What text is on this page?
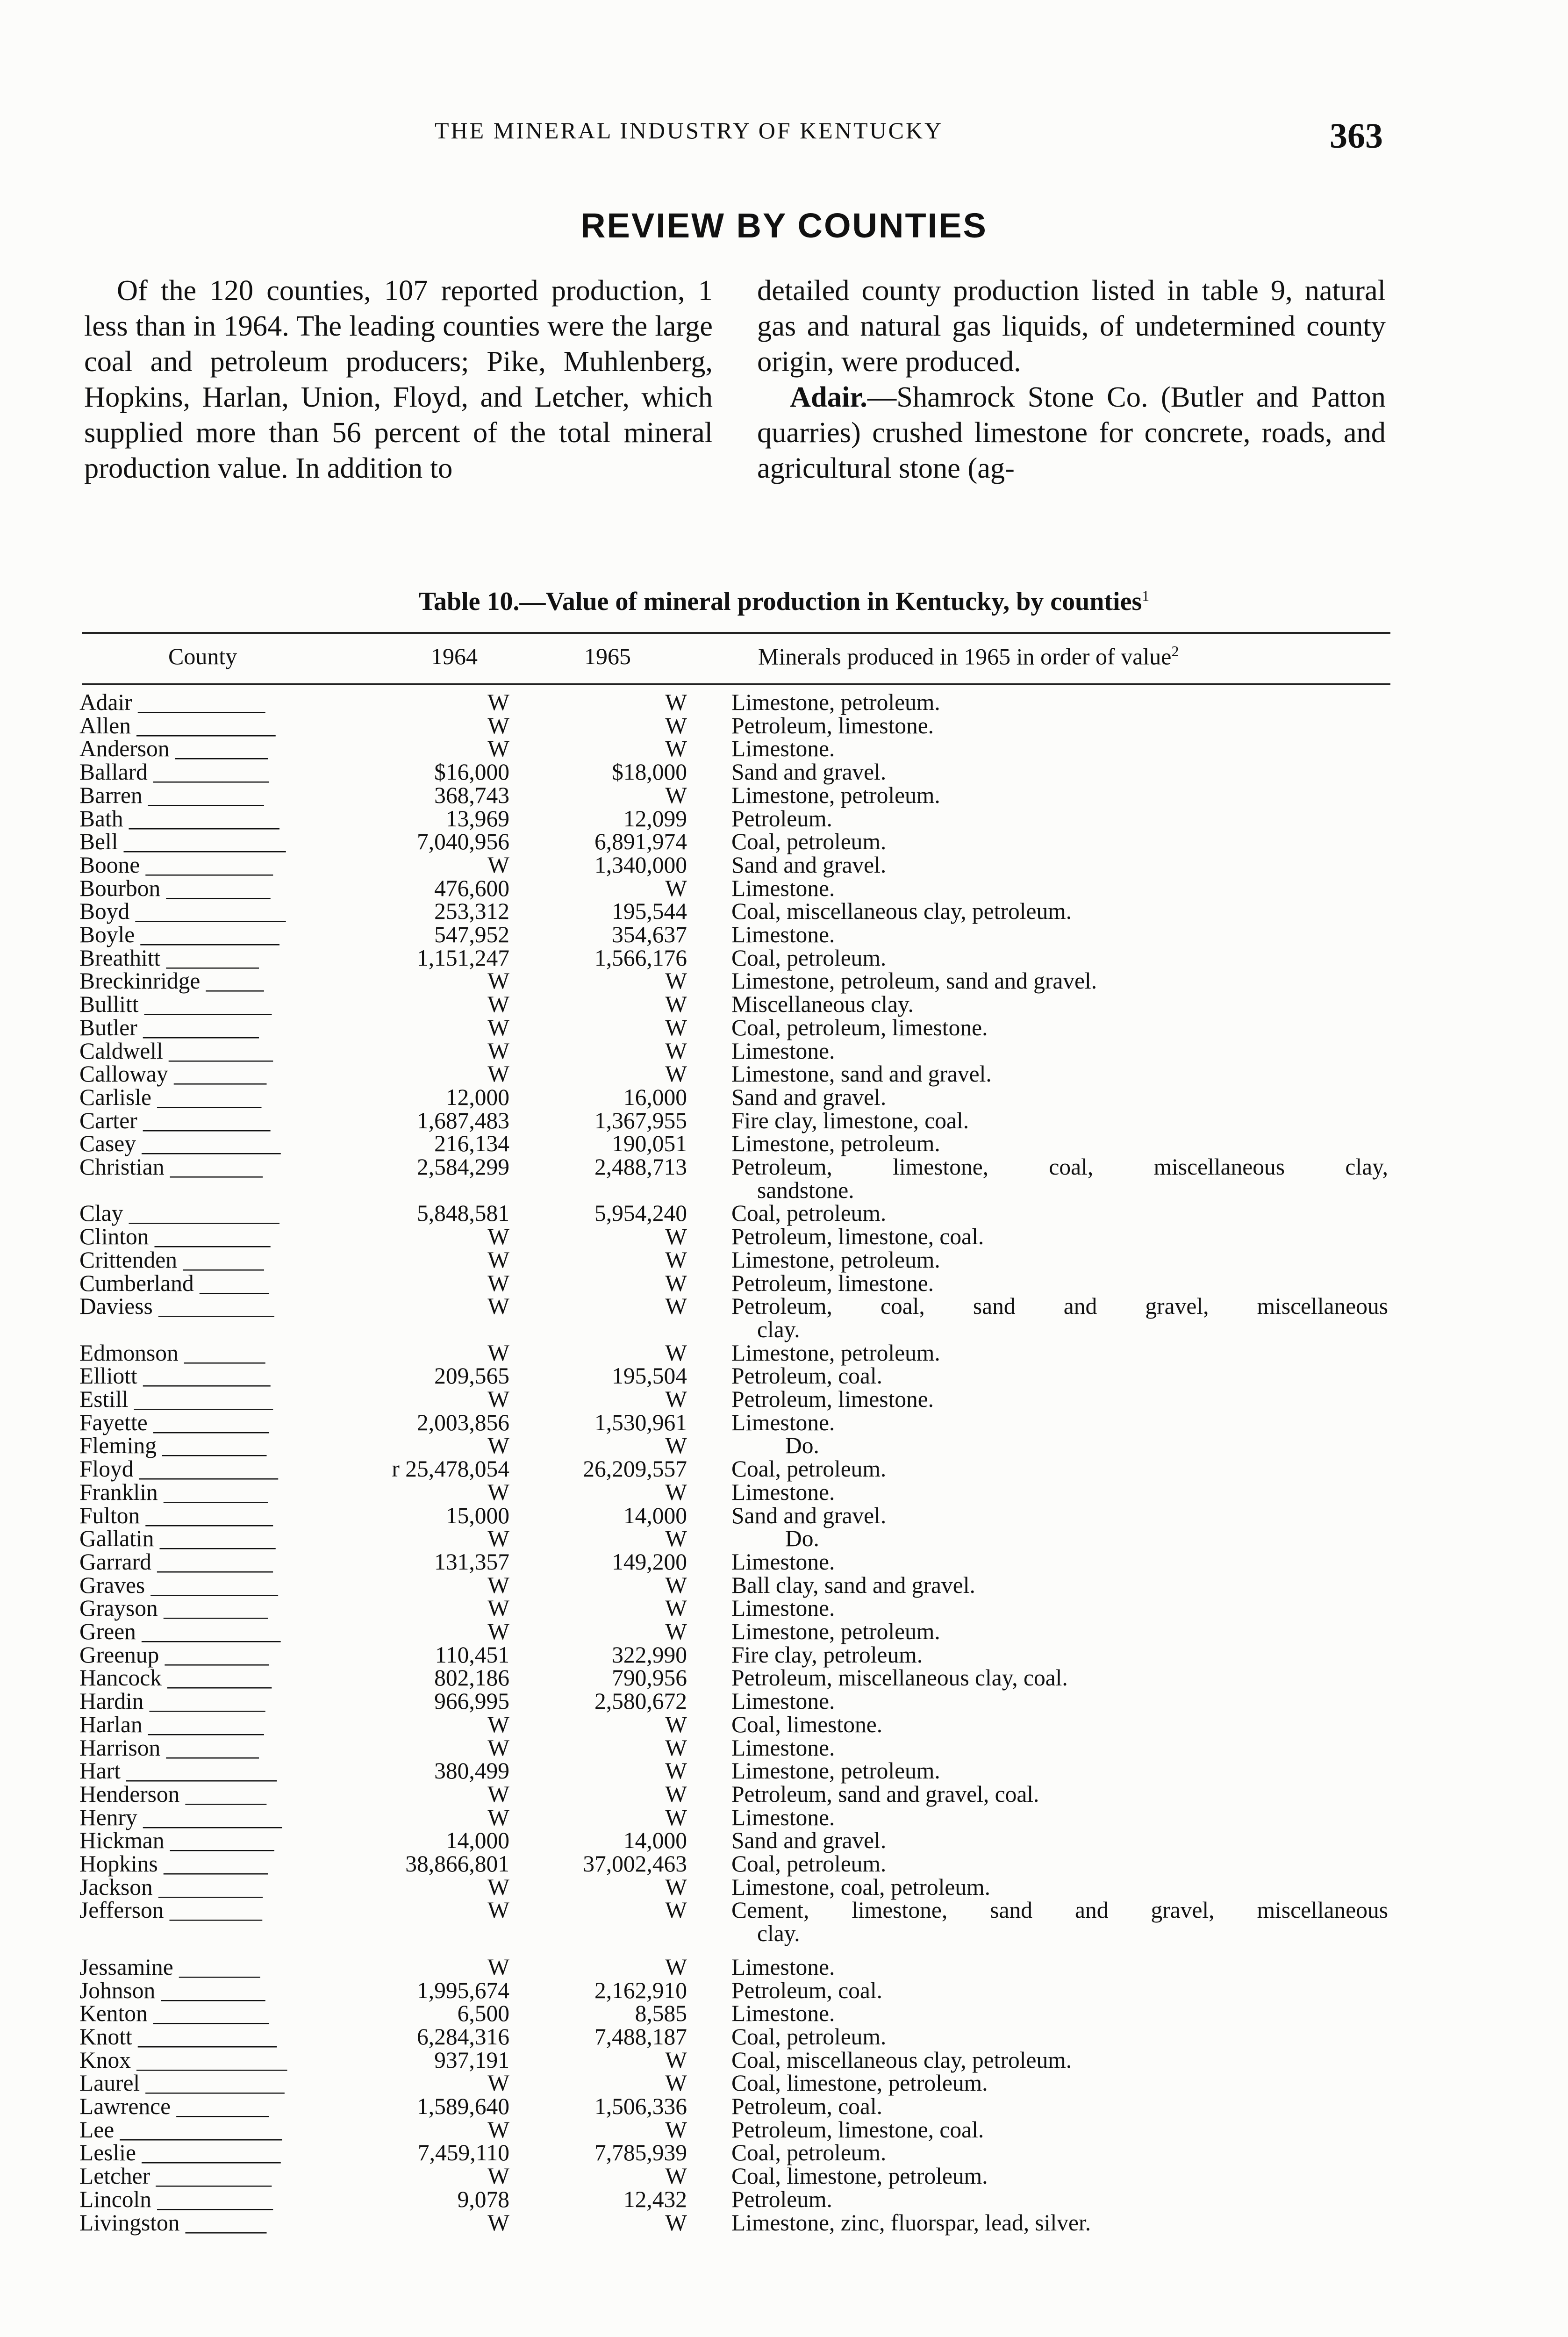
THE MINERAL INDUSTRY OF KENTUCKY	363
REVIEW BY COUNTIES

Of the 120 counties, 107 reported production, 1 less than in 1964. The leading counties were the large coal and petroleum producers; Pike, Muhlenberg, Hopkins, Harlan, Union, Floyd, and Letcher, which supplied more than 56 percent of the total mineral production value. In addition to

detailed county production listed in table 9, natural gas and natural gas liquids, of undetermined county origin, were produced.

Adair.—Shamrock Stone Co. (Butler and Patton quarries) crushed limestone for concrete, roads, and agricultural stone (ag-

Table 10.—Value of mineral production in Kentucky, by counties$^1$
County	1964	1965	Minerals produced in 1965 in order of value$^2$
Adair ___________	W	W Limestone, petroleum.
Allen ____________	W	W Petroleum, limestone.
Anderson ________	W	W Limestone.
Ballard __________	$16,000	$18,000 Sand and gravel.
Barren __________	368,743	W Limestone, petroleum.
Bath _____________	13,969	12,099 Petroleum.
Bell ______________	7,040,956	6,891,974 Coal, petroleum.
Boone ___________	W	1,340,000 Sand and gravel.
Bourbon _________	476,600	W Limestone.
Boyd _____________	253,312	195,544 Coal, miscellaneous clay, petroleum.
Boyle ____________	547,952	354,637 Limestone.
Breathitt ________	1,151,247	1,566,176 Coal, petroleum.
Breckinridge _____	W	W Limestone, petroleum, sand and gravel.
Bullitt ___________	W	W Miscellaneous clay.
Butler __________	W	W Coal, petroleum, limestone.
Caldwell _________	W	W Limestone.
Calloway ________	W	W Limestone, sand and gravel.
Carlisle _________	12,000	16,000 Sand and gravel.
Carter ___________	1,687,483	1,367,955 Fire clay, limestone, coal.
Casey ____________	216,134	190,051 Limestone, petroleum.
Christian ________	2,584,299	2,488,713 Petroleum, limestone, coal, miscellaneous clay,
sandstone.
Clay _____________	5,848,581	5,954,240 Coal, petroleum.
Clinton __________	W	W Petroleum, limestone, coal.
Crittenden _______	W	W Limestone, petroleum.
Cumberland ______	W	W Petroleum, limestone.
Daviess __________	W	W Petroleum, coal, sand and gravel, miscellaneous
clay.
Edmonson _______	W	W Limestone, petroleum.
Elliott ___________	209,565	195,504 Petroleum, coal.
Estill ____________	W	W Petroleum, limestone.
Fayette __________	2,003,856	1,530,961 Limestone.
Fleming _________	W	W	Do.
Floyd ____________	r 25,478,054	26,209,557 Coal, petroleum.
Franklin _________	W	W Limestone.
Fulton ___________	15,000	14,000 Sand and gravel.
Gallatin __________	W	W	Do.
Garrard __________	131,357	149,200 Limestone.
Graves ___________	W	W Ball clay, sand and gravel.
Grayson _________	W	W Limestone.
Green ____________	W	W Limestone, petroleum.
Greenup _________	110,451	322,990 Fire clay, petroleum.
Hancock _________	802,186	790,956 Petroleum, miscellaneous clay, coal.
Hardin __________	966,995	2,580,672 Limestone.
Harlan __________	W	W Coal, limestone.
Harrison ________	W	W Limestone.
Hart _____________	380,499	W Limestone, petroleum.
Henderson _______	W	W Petroleum, sand and gravel, coal.
Henry ____________	W	W Limestone.
Hickman _________	14,000	14,000 Sand and gravel.
Hopkins _________	38,866,801	37,002,463 Coal, petroleum.
Jackson _________	W	W Limestone, coal, petroleum.
Jefferson ________	W	W Cement, limestone, sand and gravel, miscellaneous
clay.
Jessamine _______	W	W Limestone.
Johnson _________	1,995,674	2,162,910 Petroleum, coal.
Kenton __________	6,500	8,585 Limestone.
Knott ____________	6,284,316	7,488,187 Coal, petroleum.
Knox _____________	937,191	W Coal, miscellaneous clay, petroleum.
Laurel ____________	W	W Coal, limestone, petroleum.
Lawrence ________	1,589,640	1,506,336 Petroleum, coal.
Lee ______________	W	W Petroleum, limestone, coal.
Leslie ____________	7,459,110	7,785,939 Coal, petroleum.
Letcher __________	W	W Coal, limestone, petroleum.
Lincoln __________	9,078	12,432 Petroleum.
Livingston _______	W	W Limestone, zinc, fluorspar, lead, silver.
